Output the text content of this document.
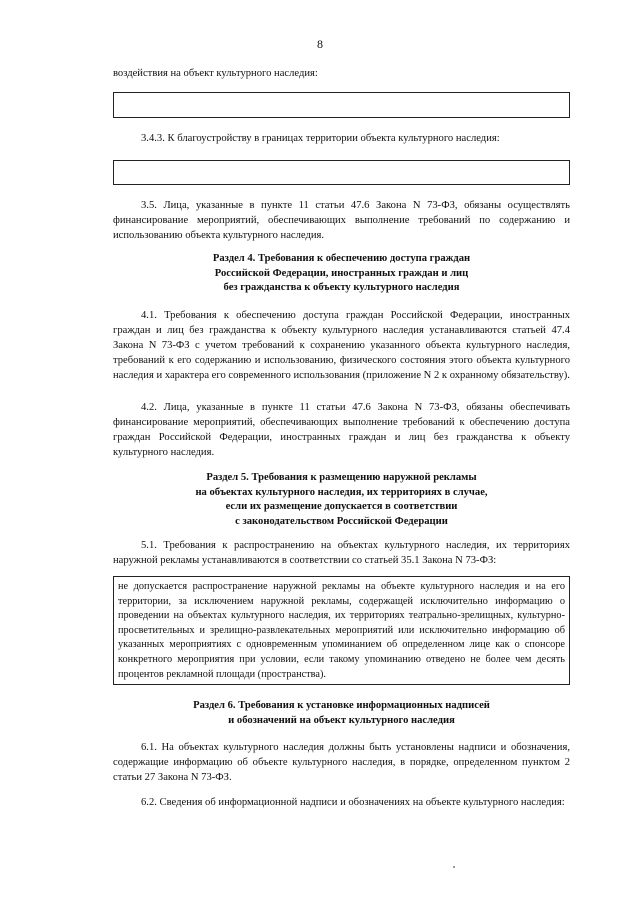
8

воздействия на объект культурного наследия:

3.4.3. К благоустройству в границах территории объекта культурного наследия:

3.5. Лица, указанные в пункте 11 статьи 47.6 Закона N 73-ФЗ, обязаны осуществлять финансирование мероприятий, обеспечивающих выполнение требований по содержанию и использованию объекта культурного наследия.

Раздел 4. Требования к обеспечению доступа граждан
Российской Федерации, иностранных граждан и лиц
без гражданства к объекту культурного наследия

4.1. Требования к обеспечению доступа граждан Российской Федерации, иностранных граждан и лиц без гражданства к объекту культурного наследия устанавливаются статьей 47.4 Закона N 73-ФЗ с учетом требований к сохранению указанного объекта культурного наследия, требований к его содержанию и использованию, физического состояния этого объекта культурного наследия и характера его современного использования (приложение N 2 к охранному обязательству).

4.2. Лица, указанные в пункте 11 статьи 47.6 Закона N 73-ФЗ, обязаны обеспечивать финансирование мероприятий, обеспечивающих выполнение требований к обеспечению доступа граждан Российской Федерации, иностранных граждан и лиц без гражданства к объекту культурного наследия.

Раздел 5. Требования к размещению наружной рекламы
на объектах культурного наследия, их территориях в случае,
если их размещение допускается в соответствии
с законодательством Российской Федерации

5.1. Требования к распространению на объектах культурного наследия, их территориях наружной рекламы устанавливаются в соответствии со статьей 35.1 Закона N 73-ФЗ:

не допускается распространение наружной рекламы на объекте культурного наследия и на его территории, за исключением наружной рекламы, содержащей исключительно информацию о проведении на объектах культурного наследия, их территориях театрально-зрелищных, культурно-просветительных и зрелищно-развлекательных мероприятий или исключительно информацию об указанных мероприятиях с одновременным упоминанием об определенном лице как о спонсоре конкретного мероприятия при условии, если такому упоминанию отведено не более чем десять процентов рекламной площади (пространства).
Раздел 6. Требования к установке информационных надписей
и обозначений на объект культурного наследия

6.1. На объектах культурного наследия должны быть установлены надписи и обозначения, содержащие информацию об объекте культурного наследия, в порядке, определенном пунктом 2 статьи 27 Закона N 73-ФЗ.

6.2. Сведения об информационной надписи и обозначениях на объекте культурного наследия:
